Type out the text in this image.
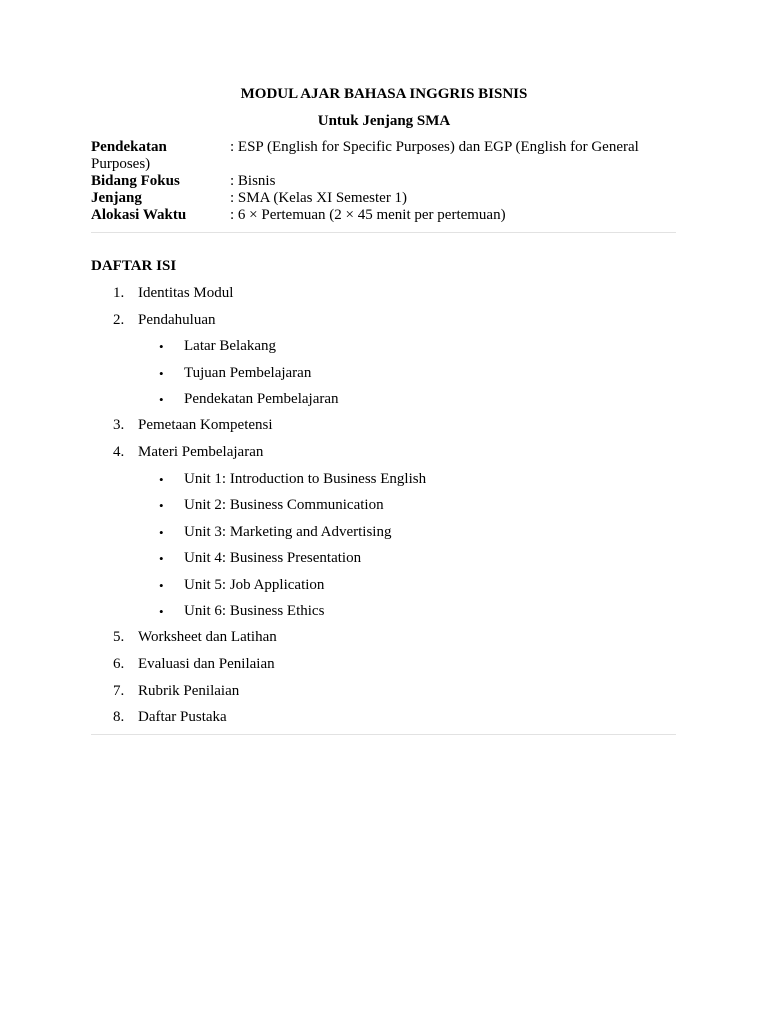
MODUL AJAR BAHASA INGGRIS BISNIS
Untuk Jenjang SMA
Pendekatan	: ESP (English for Specific Purposes) dan EGP (English for General
Purposes)
Bidang Fokus	: Bisnis
Jenjang	: SMA (Kelas XI Semester 1)
Alokasi Waktu	: 6 × Pertemuan (2 × 45 menit per pertemuan)
DAFTAR ISI
1. Identitas Modul
2. Pendahuluan
• Latar Belakang
• Tujuan Pembelajaran
• Pendekatan Pembelajaran
3. Pemetaan Kompetensi
4. Materi Pembelajaran
• Unit 1: Introduction to Business English
• Unit 2: Business Communication
• Unit 3: Marketing and Advertising
• Unit 4: Business Presentation
• Unit 5: Job Application
• Unit 6: Business Ethics
5. Worksheet dan Latihan
6. Evaluasi dan Penilaian
7. Rubrik Penilaian
8. Daftar Pustaka
